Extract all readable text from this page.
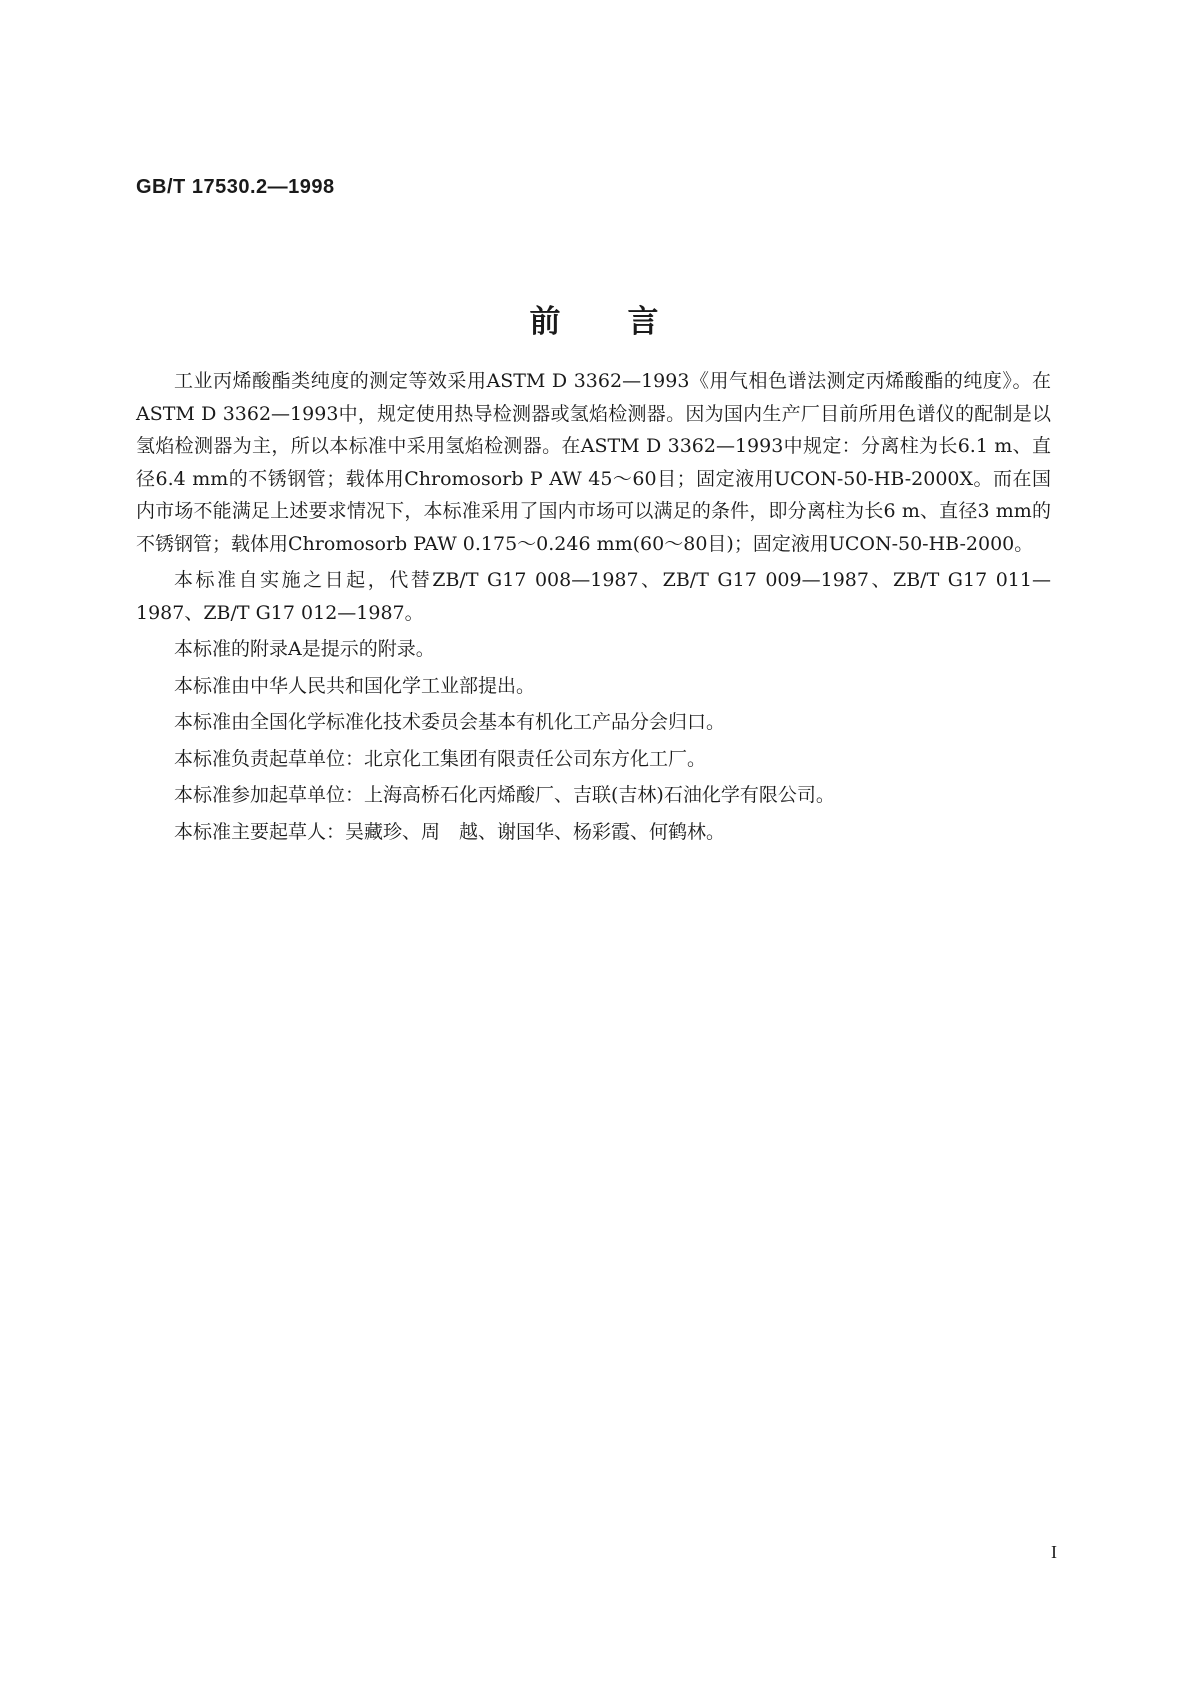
GB/T 17530.2—1998
前 言

工业丙烯酸酯类纯度的测定等效采用ASTM D 3362—1993《用气相色谱法测定丙烯酸酯的纯度》。在ASTM D 3362—1993中，规定使用热导检测器或氢焰检测器。因为国内生产厂目前所用色谱仪的配制是以氢焰检测器为主，所以本标准中采用氢焰检测器。在ASTM D 3362—1993中规定：分离柱为长6.1 m、直径6.4 mm的不锈钢管；载体用Chromosorb P AW 45～60目；固定液用UCON-50-HB-2000X。而在国内市场不能满足上述要求情况下，本标准采用了国内市场可以满足的条件，即分离柱为长6 m、直径3 mm的不锈钢管；载体用Chromosorb PAW 0.175～0.246 mm(60～80目)；固定液用UCON-50-HB-2000。

本标准自实施之日起，代替ZB/T G17 008—1987、ZB/T G17 009—1987、ZB/T G17 011—1987、ZB/T G17 012—1987。

本标准的附录A是提示的附录。

本标准由中华人民共和国化学工业部提出。

本标准由全国化学标准化技术委员会基本有机化工产品分会归口。

本标准负责起草单位：北京化工集团有限责任公司东方化工厂。

本标准参加起草单位：上海高桥石化丙烯酸厂、吉联(吉林)石油化学有限公司。

本标准主要起草人：吴藏珍、周　越、谢国华、杨彩霞、何鹤林。

I
